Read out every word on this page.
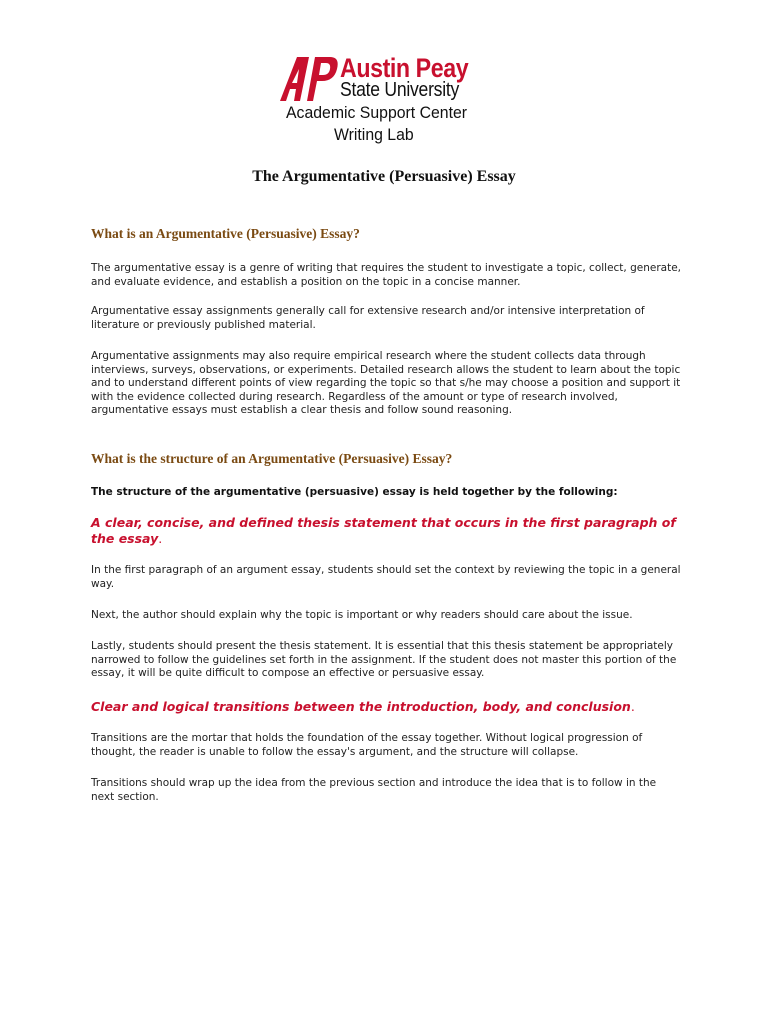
Austin Peay
State University
Academic Support Center
Writing Lab
The Argumentative (Persuasive) Essay
What is an Argumentative (Persuasive) Essay?

The argumentative essay is a genre of writing that requires the student to investigate a topic, collect, generate, and evaluate evidence, and establish a position on the topic in a concise manner.

Argumentative essay assignments generally call for extensive research and/or intensive interpretation of literature or previously published material.

Argumentative assignments may also require empirical research where the student collects data through interviews, surveys, observations, or experiments. Detailed research allows the student to learn about the topic and to understand different points of view regarding the topic so that s/he may choose a position and support it with the evidence collected during research. Regardless of the amount or type of research involved, argumentative essays must establish a clear thesis and follow sound reasoning.

What is the structure of an Argumentative (Persuasive) Essay?
The structure of the argumentative (persuasive) essay is held together by the following:
A clear, concise, and defined thesis statement that occurs in the first paragraph of the essay.

In the first paragraph of an argument essay, students should set the context by reviewing the topic in a general way.

Next, the author should explain why the topic is important or why readers should care about the issue.

Lastly, students should present the thesis statement. It is essential that this thesis statement be appropriately narrowed to follow the guidelines set forth in the assignment. If the student does not master this portion of the essay, it will be quite difficult to compose an effective or persuasive essay.

Clear and logical transitions between the introduction, body, and conclusion.

Transitions are the mortar that holds the foundation of the essay together. Without logical progression of thought, the reader is unable to follow the essay's argument, and the structure will collapse.

Transitions should wrap up the idea from the previous section and introduce the idea that is to follow in the next section.
